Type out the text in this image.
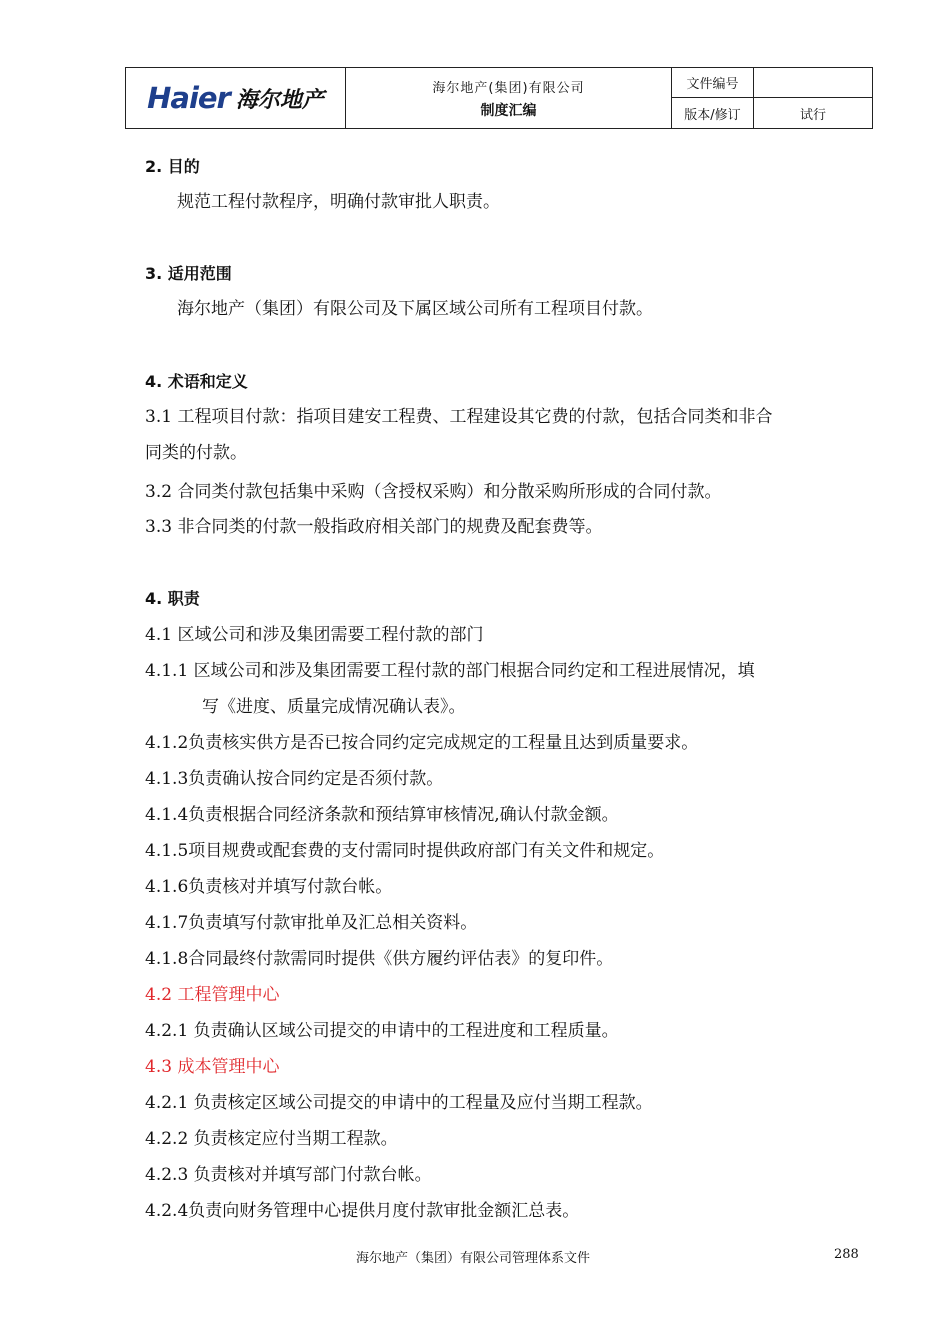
Haier 海尔地产	海尔地产(集团)有限公司
制度汇编
文件编号
版本/修订	试行
2. 目的
规范工程付款程序，明确付款审批人职责。
3. 适用范围
海尔地产（集团）有限公司及下属区域公司所有工程项目付款。
4. 术语和定义
3.1 工程项目付款：指项目建安工程费、工程建设其它费的付款，包括合同类和非合
同类的付款。
3.2 合同类付款包括集中采购（含授权采购）和分散采购所形成的合同付款。
3.3 非合同类的付款一般指政府相关部门的规费及配套费等。
4. 职责
4.1 区域公司和涉及集团需要工程付款的部门
4.1.1 区域公司和涉及集团需要工程付款的部门根据合同约定和工程进展情况，填
写《进度、质量完成情况确认表》。
4.1.2负责核实供方是否已按合同约定完成规定的工程量且达到质量要求。
4.1.3负责确认按合同约定是否须付款。
4.1.4负责根据合同经济条款和预结算审核情况,确认付款金额。
4.1.5项目规费或配套费的支付需同时提供政府部门有关文件和规定。
4.1.6负责核对并填写付款台帐。
4.1.7负责填写付款审批单及汇总相关资料。
4.1.8合同最终付款需同时提供《供方履约评估表》的复印件。
4.2 工程管理中心
4.2.1 负责确认区域公司提交的申请中的工程进度和工程质量。
4.3 成本管理中心
4.2.1 负责核定区域公司提交的申请中的工程量及应付当期工程款。
4.2.2 负责核定应付当期工程款。
4.2.3 负责核对并填写部门付款台帐。
4.2.4负责向财务管理中心提供月度付款审批金额汇总表。
海尔地产（集团）有限公司管理体系文件	288
